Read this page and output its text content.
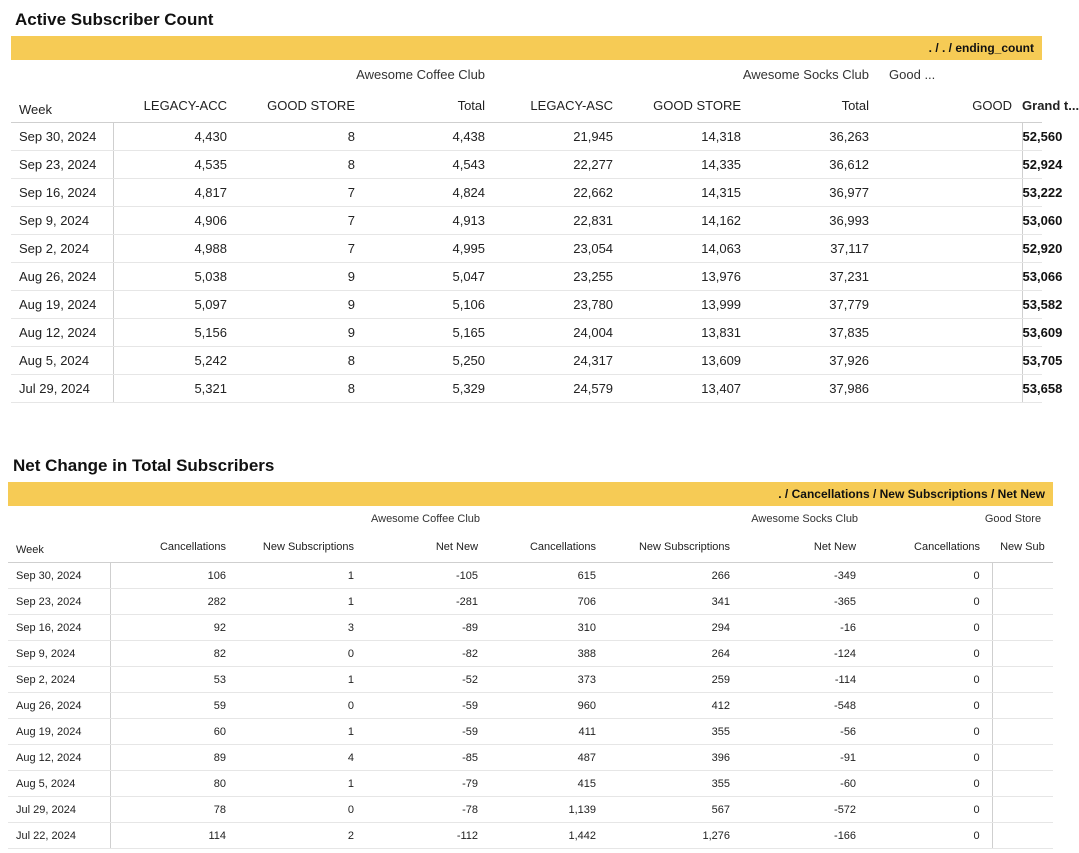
Active Subscriber Count
. / . / ending_count
	Awesome Coffee Club				Awesome Socks Club			Good ...	
Week	LEGACY-ACC	GOOD STORE	Total		LEGACY-ASC	GOOD STORE	Total	GOOD	Grand t...
Sep 30, 2024	4,430	8	4,438		21,945	14,318	36,263		52,560
Sep 23, 2024	4,535	8	4,543		22,277	14,335	36,612		52,924
Sep 16, 2024	4,817	7	4,824		22,662	14,315	36,977		53,222
Sep 9, 2024	4,906	7	4,913		22,831	14,162	36,993		53,060
Sep 2, 2024	4,988	7	4,995		23,054	14,063	37,117		52,920
Aug 26, 2024	5,038	9	5,047		23,255	13,976	37,231		53,066
Aug 19, 2024	5,097	9	5,106		23,780	13,999	37,779		53,582
Aug 12, 2024	5,156	9	5,165		24,004	13,831	37,835		53,609
Aug 5, 2024	5,242	8	5,250		24,317	13,609	37,926		53,705
Jul 29, 2024	5,321	8	5,329		24,579	13,407	37,986		53,658
Net Change in Total Subscribers
. / Cancellations / New Subscriptions / Net New
	Awesome Coffee Club				Awesome Socks Club			Good Store	
Week	Cancellations	New Subscriptions	Net New		Cancellations	New Subscriptions	Net New	Cancellations	New Sub
Sep 30, 2024	106	1	-105		615	266	-349	0	
Sep 23, 2024	282	1	-281		706	341	-365	0	
Sep 16, 2024	92	3	-89		310	294	-16	0	
Sep 9, 2024	82	0	-82		388	264	-124	0	
Sep 2, 2024	53	1	-52		373	259	-114	0	
Aug 26, 2024	59	0	-59		960	412	-548	0	
Aug 19, 2024	60	1	-59		411	355	-56	0	
Aug 12, 2024	89	4	-85		487	396	-91	0	
Aug 5, 2024	80	1	-79		415	355	-60	0	
Jul 29, 2024	78	0	-78		1,139	567	-572	0	
Jul 22, 2024	114	2	-112		1,442	1,276	-166	0	
